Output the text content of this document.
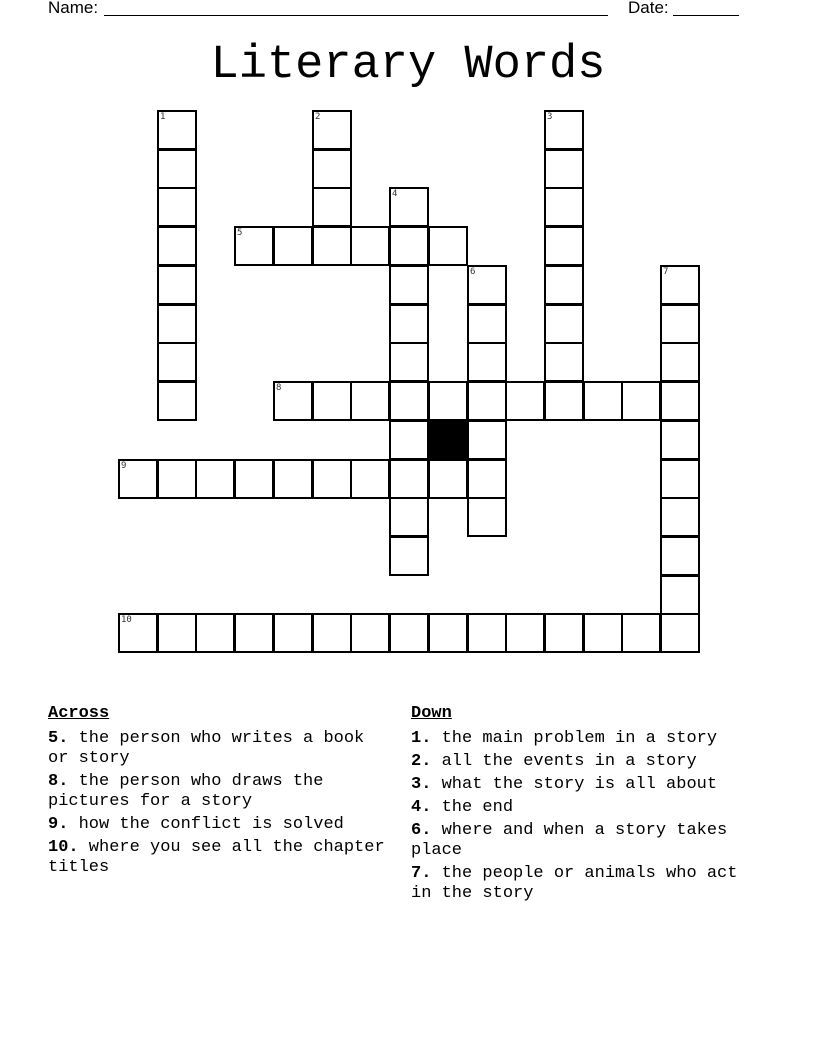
Name:	Date:
Literary Words
5
8
9
10
1	2	3
4
6	7
Across
5. the person who writes a book or story
8. the person who draws the pictures for a story
9. how the conflict is solved
10. where you see all the chapter titles
Down
1. the main problem in a story
2. all the events in a story
3. what the story is all about
4. the end
6. where and when a story takes place
7. the people or animals who act in the story
